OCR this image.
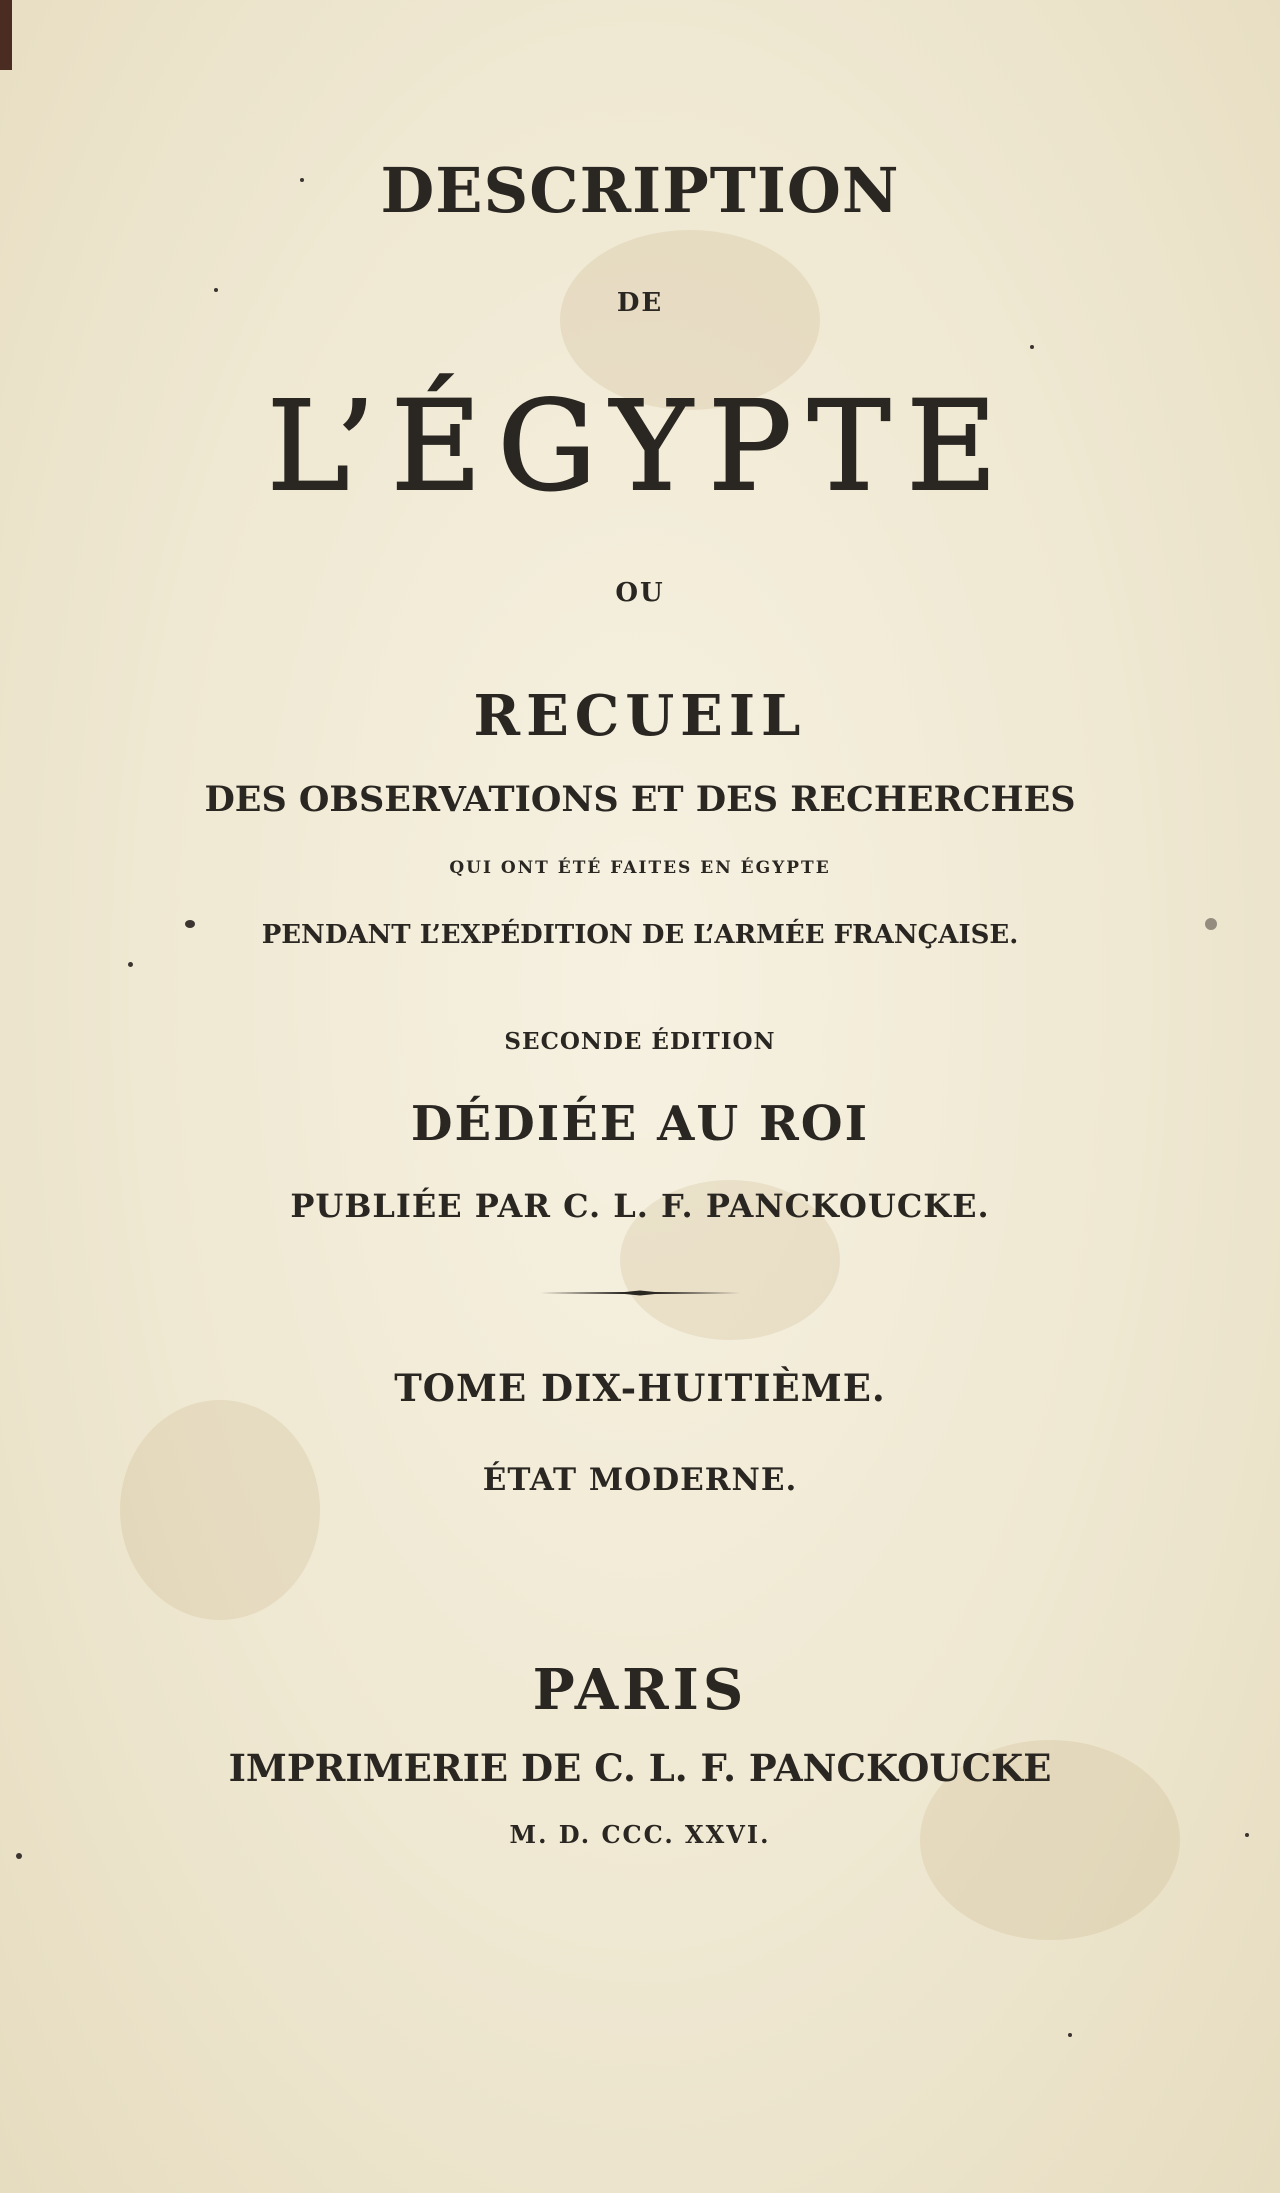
DESCRIPTION
DE
L’ÉGYPTE
OU
RECUEIL
DES OBSERVATIONS ET DES RECHERCHES
QUI ONT ÉTÉ FAITES EN ÉGYPTE
PENDANT L’EXPÉDITION DE L’ARMÉE FRANÇAISE.
SECONDE ÉDITION
DÉDIÉE AU ROI
PUBLIÉE PAR C. L. F. PANCKOUCKE.
TOME DIX-HUITIÈME.
ÉTAT MODERNE.
PARIS
IMPRIMERIE DE C. L. F. PANCKOUCKE
M. D. CCC. XXVI.
